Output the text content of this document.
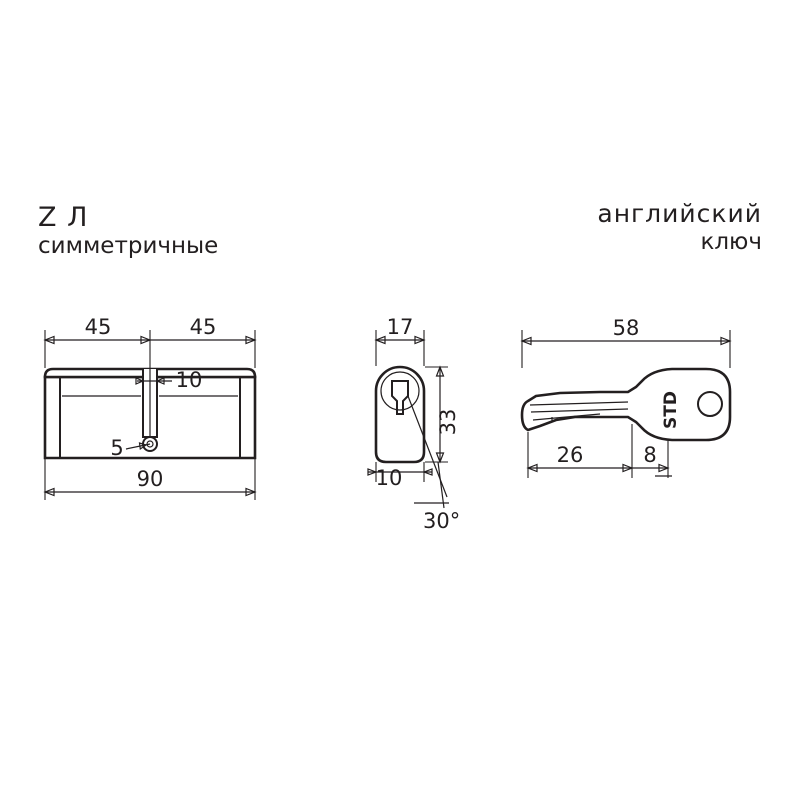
Z Л
симметричные
английский
ключ
45	45
10
5
90
17
33
10
30°
STD
58
26	8
